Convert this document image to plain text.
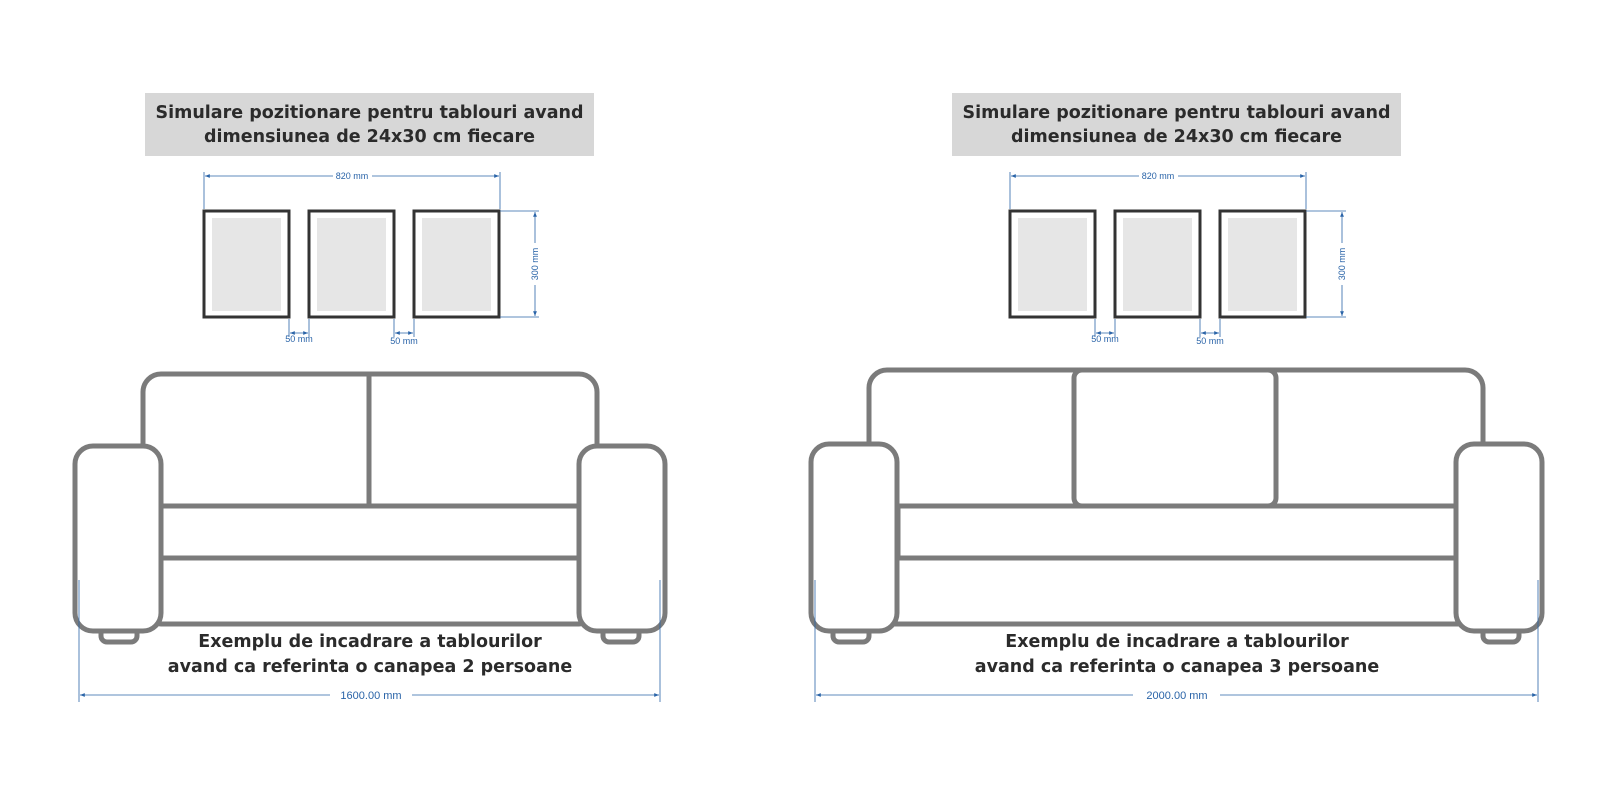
Simulare pozitionare pentru tablouri avand
dimensiunea de 24x30 cm fiecare
Simulare pozitionare pentru tablouri avand
dimensiunea de 24x30 cm fiecare
820 mm
300 mm
50 mm	50 mm
1600.00 mm
820 mm
300 mm
50 mm	50 mm
2000.00 mm
Exemplu de incadrare a tablourilor
avand ca referinta o canapea 2 persoane
Exemplu de incadrare a tablourilor
avand ca referinta o canapea 3 persoane
